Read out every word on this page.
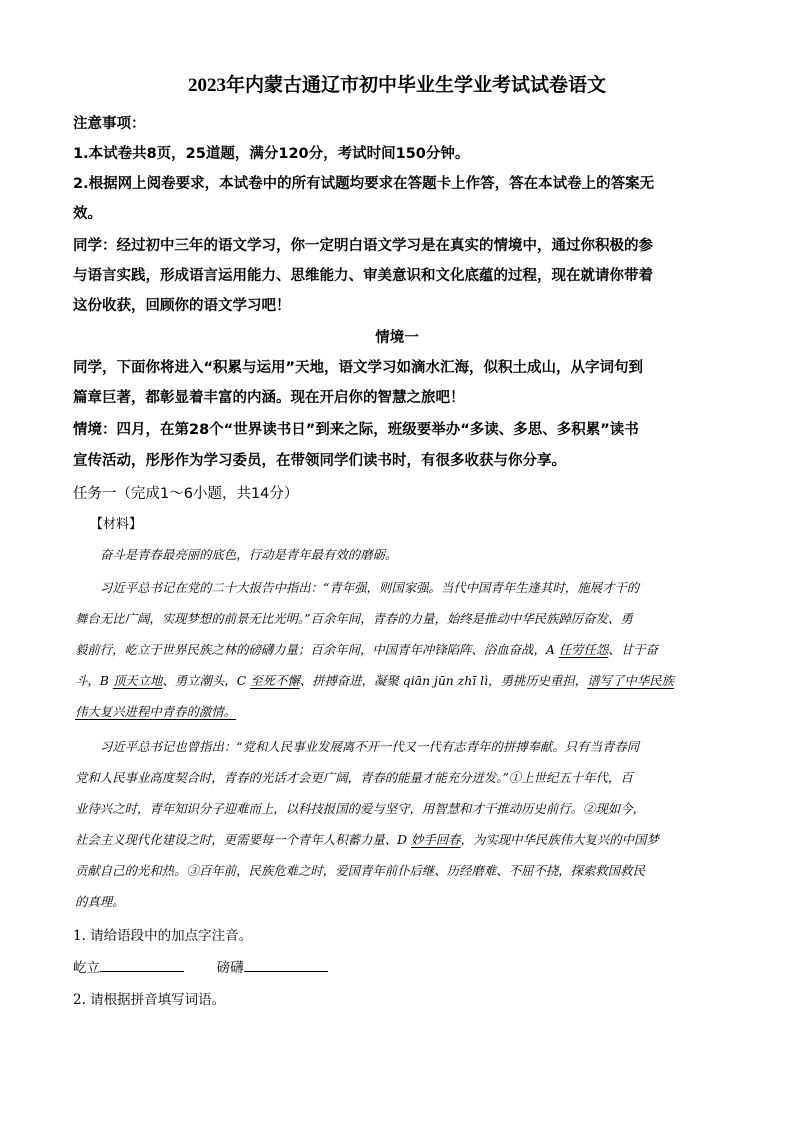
2023年内蒙古通辽市初中毕业生学业考试试卷语文
注意事项：
1.本试卷共8页，25道题，满分120分，考试时间150分钟。
2.根据网上阅卷要求，本试卷中的所有试题均要求在答题卡上作答，答在本试卷上的答案无
效。
同学：经过初中三年的语文学习，你一定明白语文学习是在真实的情境中，通过你积极的参
与语言实践，形成语言运用能力、思维能力、审美意识和文化底蕴的过程，现在就请你带着
这份收获，回顾你的语文学习吧！
情境一
同学，下面你将进入“积累与运用”天地，语文学习如滴水汇海，似积土成山，从字词句到
篇章巨著，都彰显着丰富的内涵。现在开启你的智慧之旅吧！
情境：四月，在第28个“世界读书日”到来之际，班级要举办“多读、多思、多积累”读书
宣传活动，彤彤作为学习委员，在带领同学们读书时，有很多收获与你分享。
任务一（完成1～6小题，共14分）
【材料】
奋斗是青春最亮丽的底色，行动是青年最有效的磨砺。
习近平总书记在党的二十大报告中指出：“青年强，则国家强。当代中国青年生逢其时，施展才干的
舞台无比广阔，实现梦想的前景无比光明。”百余年间，青春的力量，始终是推动中华民族踔厉奋发、勇
毅前行，屹立于世界民族之林的磅礴力量；百余年间，中国青年冲锋陷阵、浴血奋战，A 任劳任怨、甘于奋
斗，B 顶天立地、勇立潮头，C 至死不懈、拼搏奋进，凝聚 qiān jūn zhī lì，勇挑历史重担，谱写了中华民族
伟大复兴进程中青春的激情。
习近平总书记也曾指出：“党和人民事业发展离不开一代又一代有志青年的拼搏奉献。只有当青春同
党和人民事业高度契合时，青春的光话才会更广阔，青春的能量才能充分迸发。”①上世纪五十年代，百
业待兴之时，青年知识分子迎难而上，以科技报国的爱与坚守，用智慧和才干推动历史前行。②现如今，
社会主义现代化建设之时，更需要每一个青年人积蓄力量、D 妙手回春，为实现中华民族伟大复兴的中国梦
贡献自己的光和热。③百年前，民族危难之时，爱国青年前仆后继、历经磨难、不屈不挠，探索救国救民
的真理。
1. 请给语段中的加点字注音。
屹立	磅礴
2. 请根据拼音填写词语。
